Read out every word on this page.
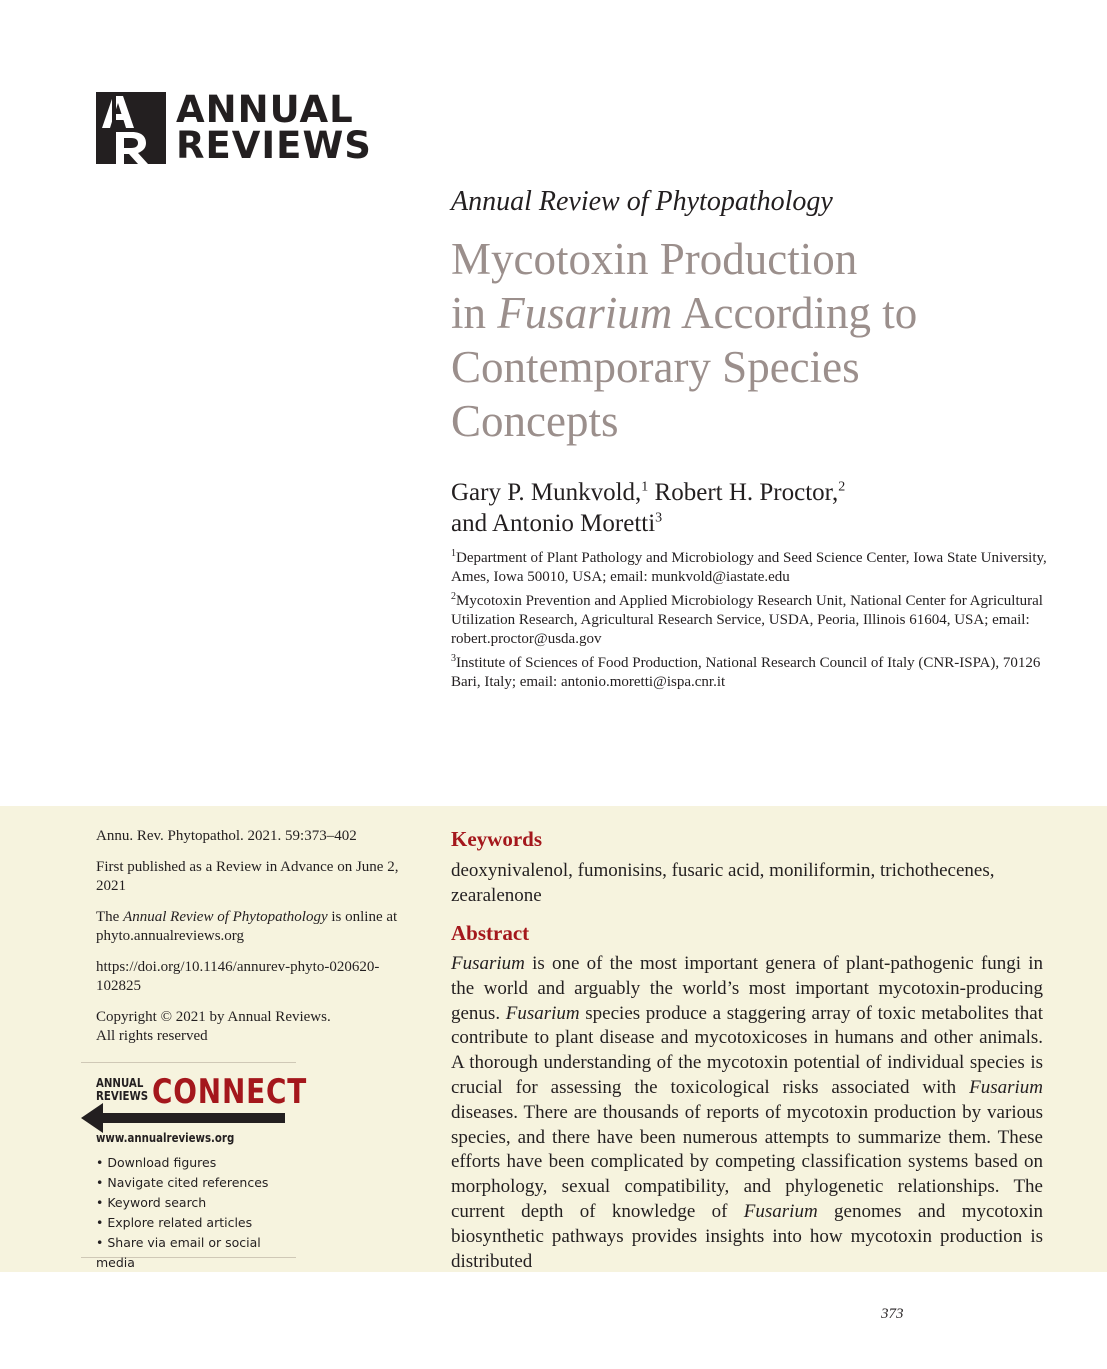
ANNUAL
REVIEWS
Annual Review of Phytopathology
Mycotoxin Production
in Fusarium According to
Contemporary Species
Concepts
Gary P. Munkvold,$^1$ Robert H. Proctor,$^2$
and Antonio Moretti$^3$
$^1$Department of Plant Pathology and Microbiology and Seed Science Center, Iowa State University, Ames, Iowa 50010, USA; email: munkvold@iastate.edu
$^2$Mycotoxin Prevention and Applied Microbiology Research Unit, National Center for Agricultural Utilization Research, Agricultural Research Service, USDA, Peoria, Illinois 61604, USA; email: robert.proctor@usda.gov
$^3$Institute of Sciences of Food Production, National Research Council of Italy (CNR-ISPA), 70126 Bari, Italy; email: antonio.moretti@ispa.cnr.it

Annu. Rev. Phytopathol. 2021. 59:373–402

First published as a Review in Advance on June 2, 2021

The Annual Review of Phytopathology is online at phyto.annualreviews.org

https://doi.org/10.1146/annurev-phyto-020620-102825

Copyright © 2021 by Annual Reviews.
All rights reserved

ANNUAL
REVIEWS CONNECT
www.annualreviews.org
• Download figures
• Navigate cited references
• Keyword search
• Explore related articles
• Share via email or social media
Keywords
deoxynivalenol, fumonisins, fusaric acid, moniliformin, trichothecenes, zearalenone
Abstract

Fusarium is one of the most important genera of plant-pathogenic fungi in the world and arguably the world’s most important mycotoxin-producing genus. Fusarium species produce a staggering array of toxic metabolites that contribute to plant disease and mycotoxicoses in humans and other animals. A thorough understanding of the mycotoxin potential of individual species is crucial for assessing the toxicological risks associated with Fusarium diseases. There are thousands of reports of mycotoxin production by various species, and there have been numerous attempts to summarize them. These efforts have been complicated by competing classification systems based on morphology, sexual compatibility, and phylogenetic relationships. The current depth of knowledge of Fusarium genomes and mycotoxin biosynthetic pathways provides insights into how mycotoxin production is distributed

373
